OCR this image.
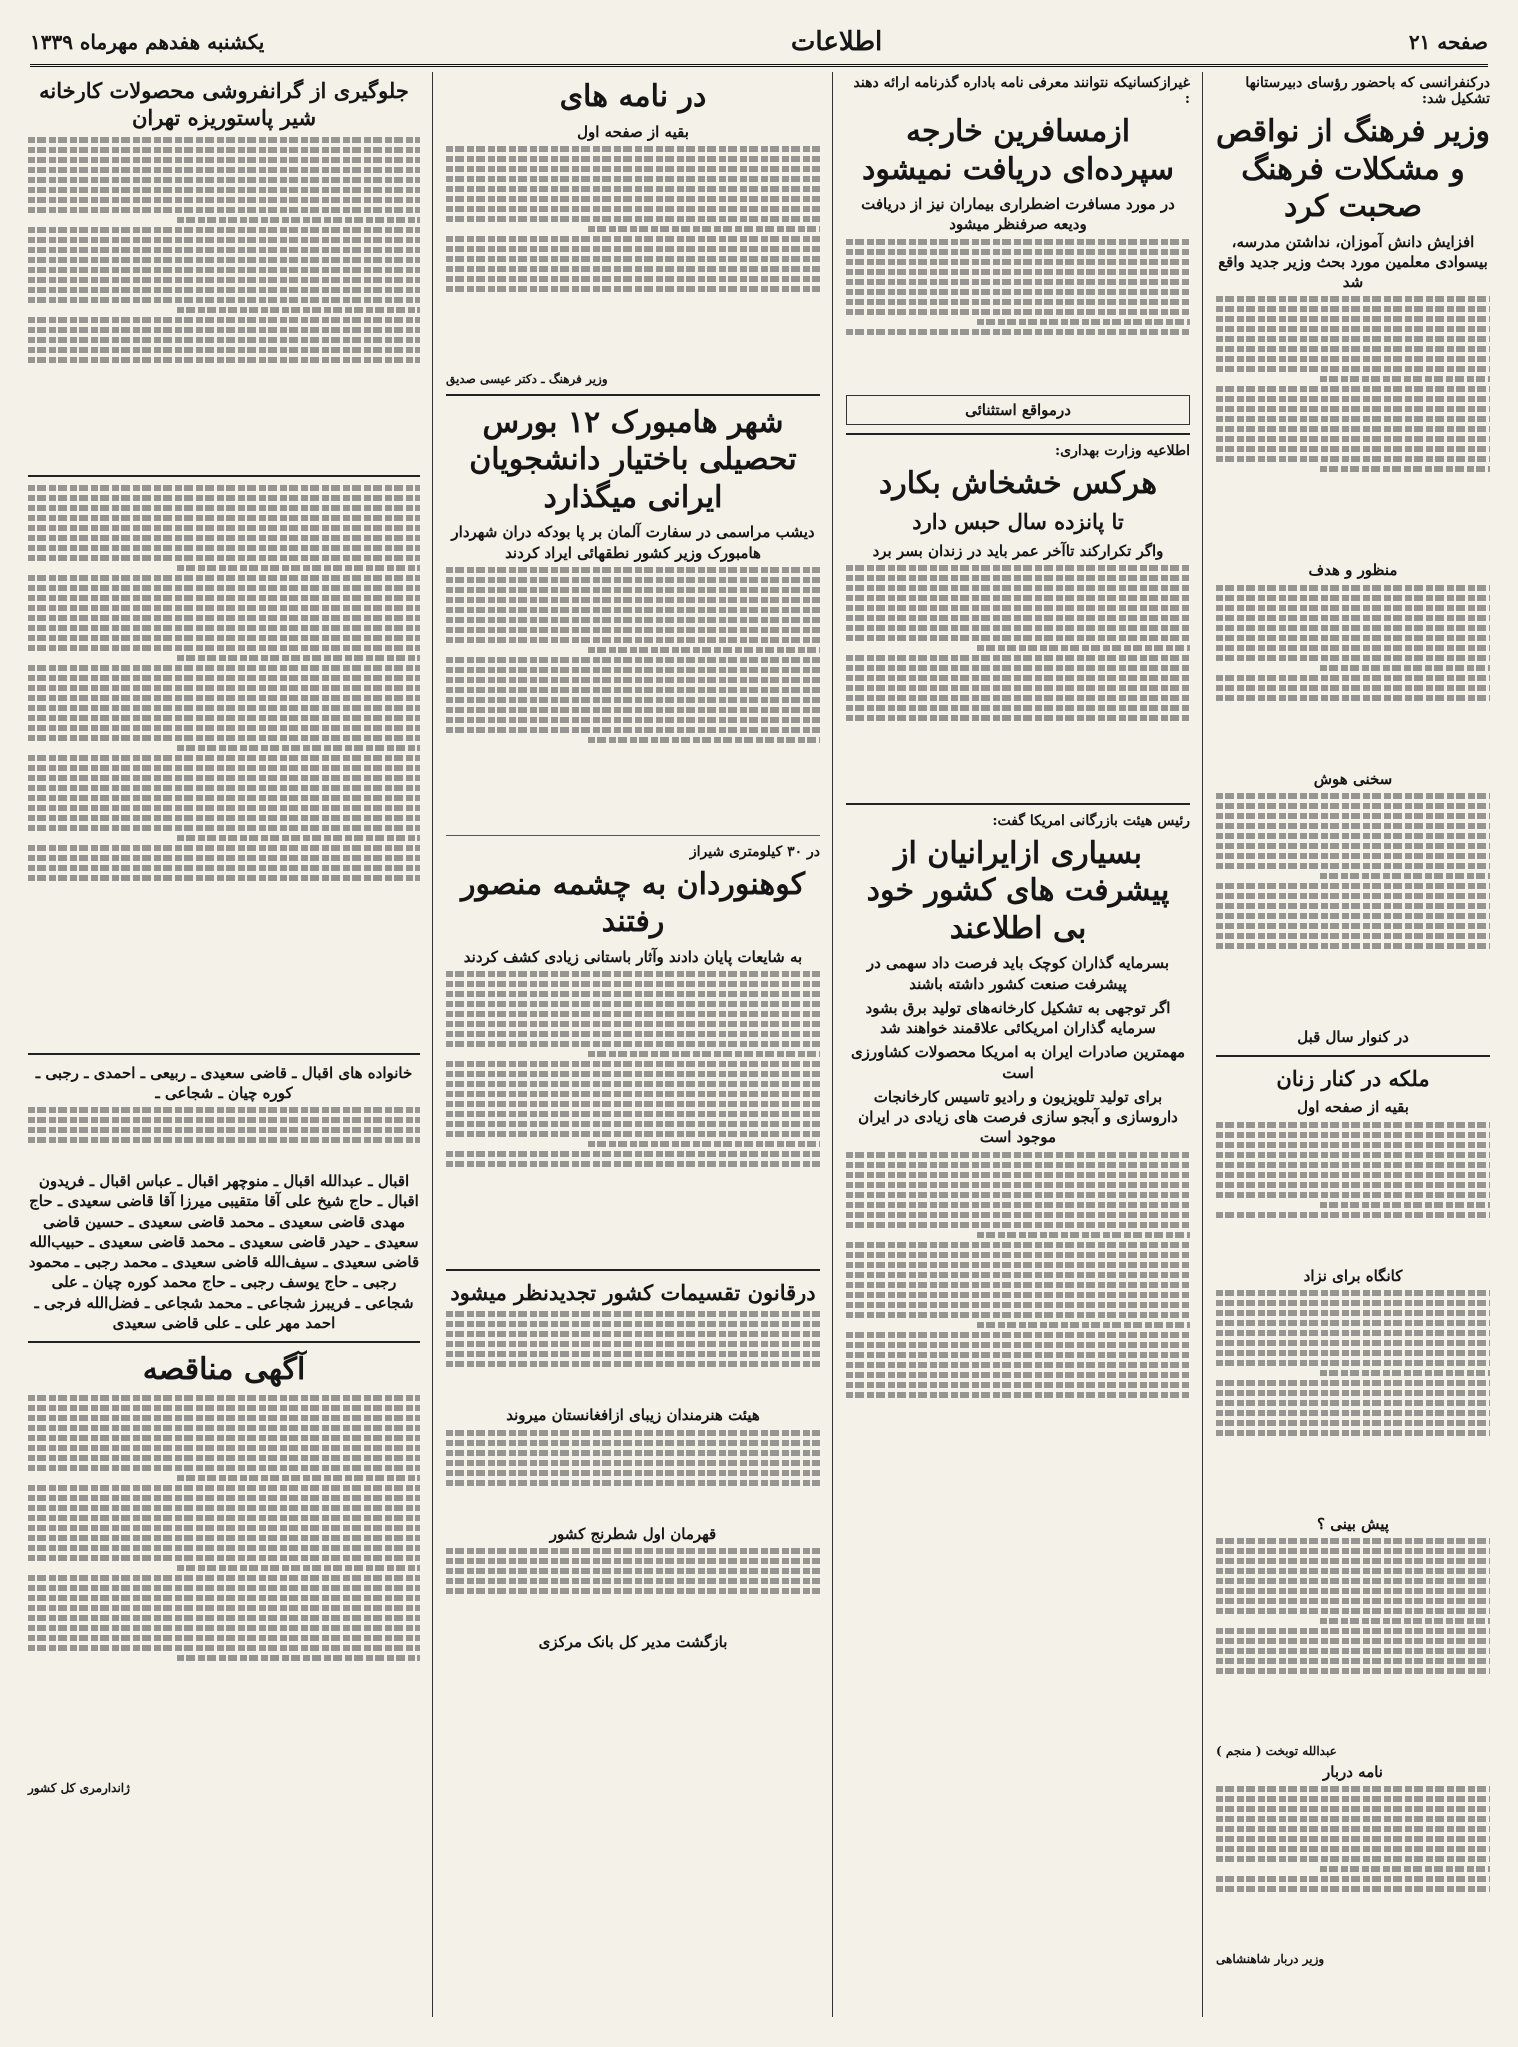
صفحه ۲۱
اطلاعات
یکشنبه هفدهم مهرماه ۱۳۳۹
درکنفرانسی که باحضور رؤسای دبیرستانها تشکیل شد:
وزیر فرهنگ از نواقص و مشکلات فرهنگ صحبت کرد
افزایش دانش آموزان، نداشتن مدرسه، بیسوادی معلمین مورد بحث وزیر جدید واقع شد
منظور و هدف
سخنی هوش
در کنوار سال قبل
ملکه در کنار زنان
بقیه از صفحه اول
کانگاه برای نزاد
پیش بینی ؟
عبدالله توبخت ( منجم )
نامه دربار
وزیر دربار شاهنشاهی
غیرازکسانیکه نتوانند معرفی نامه باداره گذرنامه ارائه دهند :
ازمسافرین خارجه سپرده‌ای دریافت نمیشود
در مورد مسافرت اضطراری بیماران نیز از دریافت ودیعه صرفنظر میشود
درمواقع استثنائی
اطلاعیه وزارت بهداری:
هرکس خشخاش بکارد
تا پانزده سال حبس دارد
واگر تکرارکند تاآخر عمر باید در زندان بسر برد
رئیس هیئت بازرگانی امریکا گفت:
بسیاری ازایرانیان از پیشرفت های کشور خود بی اطلاعند
بسرمایه گذاران کوچک باید فرصت داد سهمی در پیشرفت صنعت کشور داشته باشند
اگر توجهی به تشکیل کارخانه‌های تولید برق بشود سرمایه گذاران امریکائی علاقمند خواهند شد
مهمترین صادرات ایران به امریکا محصولات کشاورزی است
برای تولید تلویزیون و رادیو تاسیس کارخانجات داروسازی و آبجو سازی فرصت های زیادی در ایران موجود است
در نامه های
بقیه از صفحه اول
وزیر فرهنگ ـ دکتر عیسی صدیق
شهر هامبورک ۱۲ بورس تحصیلی باختیار دانشجویان ایرانی میگذارد
دیشب مراسمی در سفارت آلمان بر پا بودکه دران شهردار هامبورک وزیر کشور نطقهائی ایراد کردند
در ۳۰ کیلومتری شیراز
کوهنوردان به چشمه منصور رفتند
به شایعات پایان دادند وآثار باستانی زیادی کشف کردند
درقانون تقسیمات کشور تجدیدنظر میشود
هیئت هنرمندان زیبای ازافغانستان میروند
قهرمان اول شطرنج کشور
بازگشت مدیر کل بانک مرکزی
جلوگیری از گرانفروشی محصولات کارخانه شیر پاستوریزه تهران
خانواده های اقبال ـ قاضی سعیدی ـ ربیعی ـ احمدی ـ رجبی ـ کوره چیان ـ شجاعی ـ
اقبال ـ عبدالله اقبال ـ منوچهر اقبال ـ عباس اقبال ـ فریدون اقبال ـ حاج شیخ علی آقا متقیبی میرزا آقا قاضی سعیدی ـ حاج مهدی قاضی سعیدی ـ محمد قاضی سعیدی ـ حسین قاضی سعیدی ـ حیدر قاضی سعیدی ـ محمد قاضی سعیدی ـ حبیب‌الله قاضی سعیدی ـ سیف‌الله قاضی سعیدی ـ محمد رجبی ـ محمود رجبی ـ حاج یوسف رجبی ـ حاج محمد کوره چیان ـ علی شجاعی ـ فریبرز شجاعی ـ محمد شجاعی ـ فضل‌الله فرجی ـ احمد مهر علی ـ علی قاضی سعیدی
آگهی مناقصه
ژاندارمری کل کشور
